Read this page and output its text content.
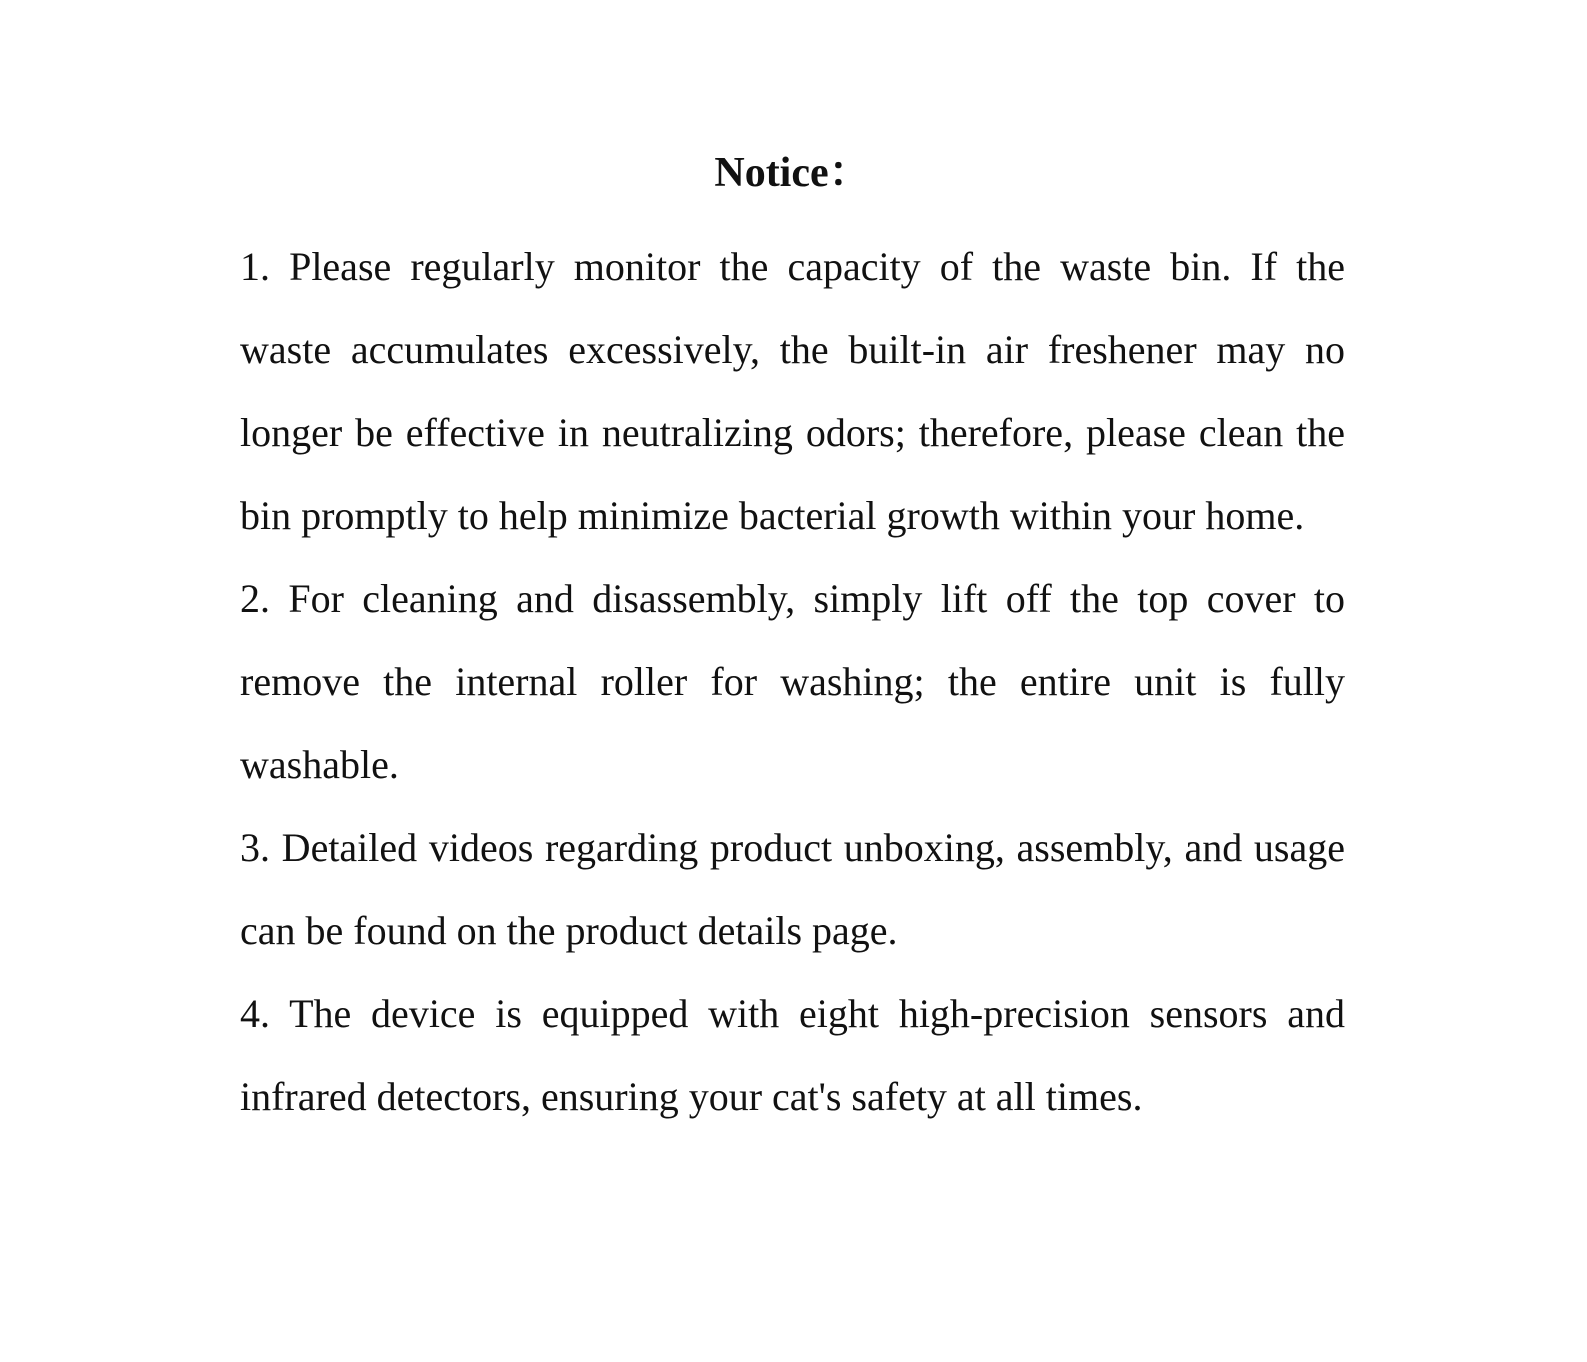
Notice：

1. Please regularly monitor the capacity of the waste bin. If the waste accumulates excessively, the built-in air freshener may no longer be effective in neutralizing odors; therefore, please clean the bin promptly to help minimize bacterial growth within your home.

2. For cleaning and disassembly, simply lift off the top cover to remove the internal roller for washing; the entire unit is fully washable.

3. Detailed videos regarding product unboxing, assembly, and usage can be found on the product details page.

4. The device is equipped with eight high-precision sensors and infrared detectors, ensuring your cat's safety at all times.
